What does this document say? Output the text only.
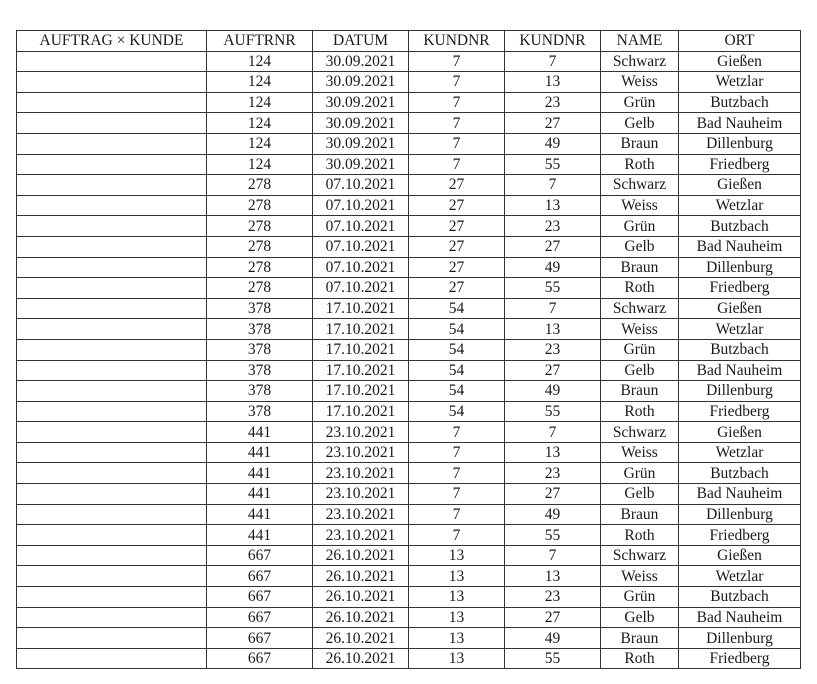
AUFTRAG × KUNDE	AUFTRNR	DATUM	KUNDNR	KUNDNR	NAME	ORT
	124	30.09.2021	7	7	Schwarz	Gießen
	124	30.09.2021	7	13	Weiss	Wetzlar
	124	30.09.2021	7	23	Grün	Butzbach
	124	30.09.2021	7	27	Gelb	Bad Nauheim
	124	30.09.2021	7	49	Braun	Dillenburg
	124	30.09.2021	7	55	Roth	Friedberg
	278	07.10.2021	27	7	Schwarz	Gießen
	278	07.10.2021	27	13	Weiss	Wetzlar
	278	07.10.2021	27	23	Grün	Butzbach
	278	07.10.2021	27	27	Gelb	Bad Nauheim
	278	07.10.2021	27	49	Braun	Dillenburg
	278	07.10.2021	27	55	Roth	Friedberg
	378	17.10.2021	54	7	Schwarz	Gießen
	378	17.10.2021	54	13	Weiss	Wetzlar
	378	17.10.2021	54	23	Grün	Butzbach
	378	17.10.2021	54	27	Gelb	Bad Nauheim
	378	17.10.2021	54	49	Braun	Dillenburg
	378	17.10.2021	54	55	Roth	Friedberg
	441	23.10.2021	7	7	Schwarz	Gießen
	441	23.10.2021	7	13	Weiss	Wetzlar
	441	23.10.2021	7	23	Grün	Butzbach
	441	23.10.2021	7	27	Gelb	Bad Nauheim
	441	23.10.2021	7	49	Braun	Dillenburg
	441	23.10.2021	7	55	Roth	Friedberg
	667	26.10.2021	13	7	Schwarz	Gießen
	667	26.10.2021	13	13	Weiss	Wetzlar
	667	26.10.2021	13	23	Grün	Butzbach
	667	26.10.2021	13	27	Gelb	Bad Nauheim
	667	26.10.2021	13	49	Braun	Dillenburg
	667	26.10.2021	13	55	Roth	Friedberg
